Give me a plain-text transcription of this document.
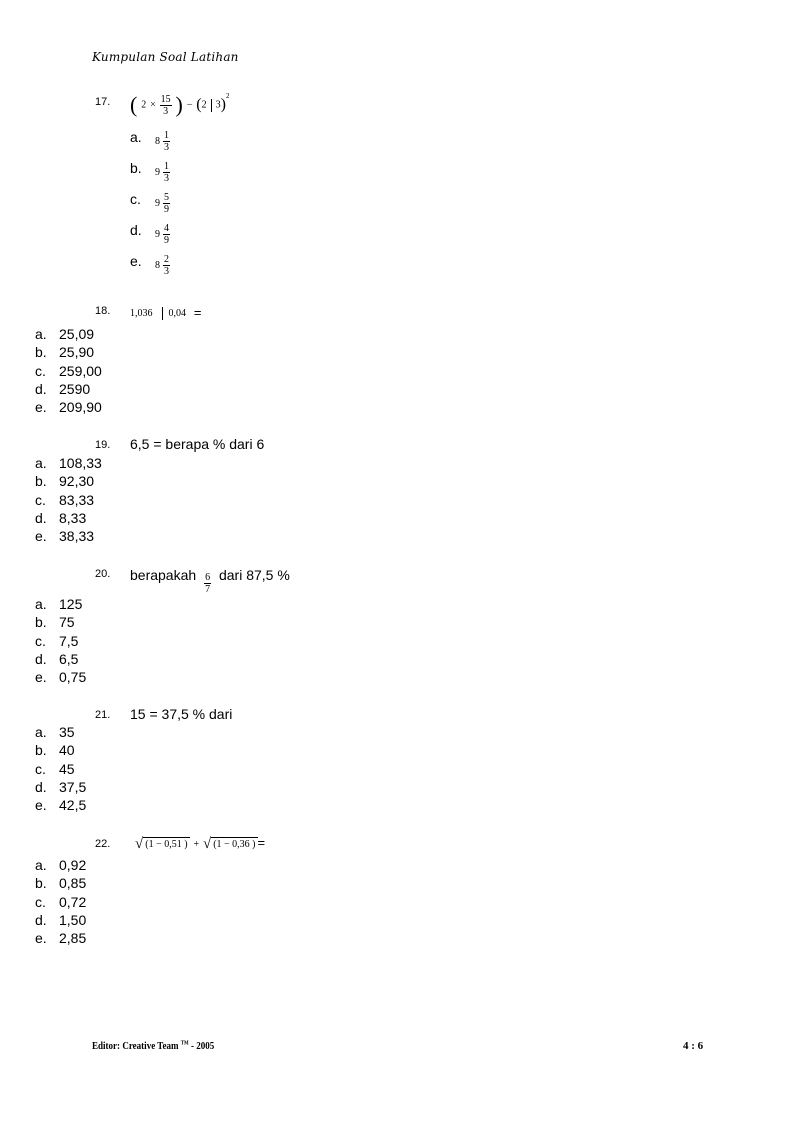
Kumpulan Soal Latihan
17. ( $2 \times \frac{15}{3}$ ) − (2 3)$^2$
a. $8 \frac{1}{3}$
b. $9 \frac{1}{3}$
c. $9 \frac{5}{9}$
d. $9 \frac{4}{9}$
e. $8 \frac{2}{3}$
18. 1,036 0,04 =
a. 25,09
b. 25,90
c. 259,00
d. 2590
e. 209,90
19. 6,5 = berapa % dari 6
a. 108,33
b. 92,30
c. 83,33
d. 8,33
e. 38,33
20. berapakah $\frac{6}{7}$ dari 87,5 %
a. 125
b. 75
c. 7,5
d. 6,5
e. 0,75
21. 15 = 37,5 % dari
a. 35
b. 40
c. 45
d. 37,5
e. 42,5
22. √ (1 − 0,51 ) + √ (1 − 0,36 ) =
a. 0,92
b. 0,85
c. 0,72
d. 1,50
e. 2,85
Editor: Creative Team ™ - 2005	4 : 6
